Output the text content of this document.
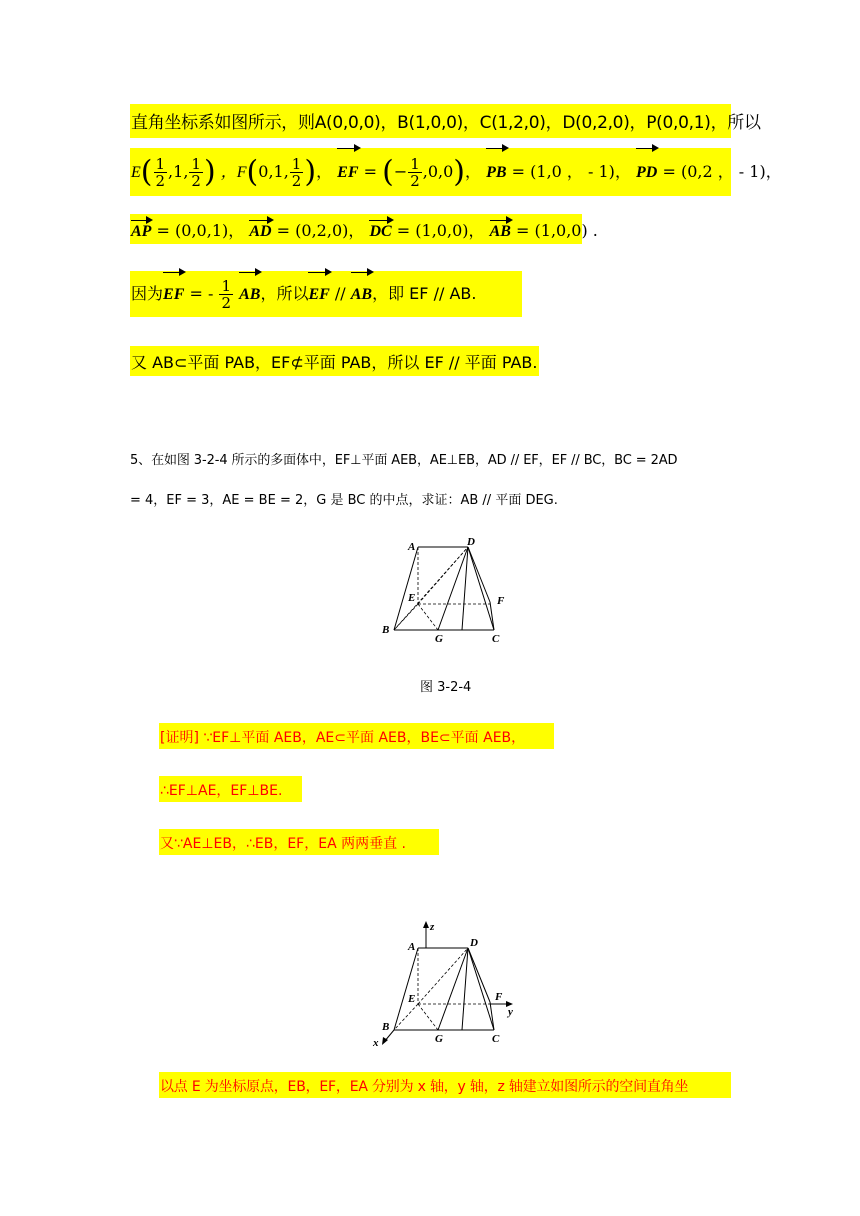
直角坐标系如图所示，则A(0,0,0)，B(1,0,0)，C(1,2,0)，D(0,2,0)，P(0,0,1)，所以
$E( \frac{1}{2} ,1$, $\frac{1}{2}$ ) ，F(0,1, $\frac{1}{2}$ )， EF = (− $\frac{1}{2} ,0,0$)， PB = (1,0 ， - 1)， PD = (0,2 ， - 1)，
AP = (0,0,1)， AD = (0,2,0)， DC = (1,0,0)， AB = (1,0,0) .
因为EF = - $\frac{1}{2}$ AB，所以EF // AB，即 EF // AB.
又 AB⊂平面 PAB，EF⊄平面 PAB，所以 EF // 平面 PAB.
5、在如图 3-2-4 所示的多面体中，EF⊥平面 AEB，AE⊥EB，AD // EF，EF // BC，BC = 2AD
= 4，EF = 3，AE = BE = 2，G 是 BC 的中点，求证：AB // 平面 DEG.
A	D
E	F
B
G	C
图 3-2-4
[证明] ∵EF⊥平面 AEB，AE⊂平面 AEB，BE⊂平面 AEB，
∴EF⊥AE，EF⊥BE.
又∵AE⊥EB，∴EB，EF，EA 两两垂直 .
A	D
E	F
B
G	C
x
y
z
以点 E 为坐标原点，EB，EF，EA 分别为 x 轴，y 轴，z 轴建立如图所示的空间直角坐
